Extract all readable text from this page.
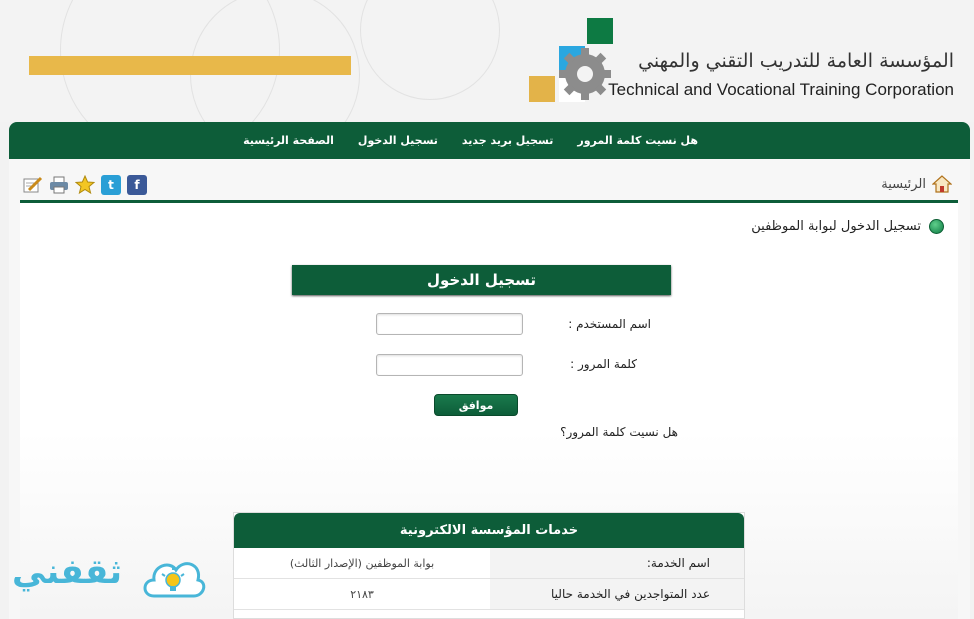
المؤسسة العامة للتدريب التقني والمهني
Technical and Vocational Training Corporation
الصفحة الرئيسية تسجيل الدخول تسجيل بريد جديد هل نسيت كلمة المرور
t	f	الرئيسية
تسجيل الدخول لبوابة الموظفين
تسجيل الدخول
اسم المستخدم :
كلمة المرور :
موافق
هل نسيت كلمة المرور؟
خدمات المؤسسة الالكترونية
اسم الخدمة:
بوابة الموظفين (الإصدار الثالث)
عدد المتواجدين في الخدمة حاليا
٢١٨٣
ثقفني
